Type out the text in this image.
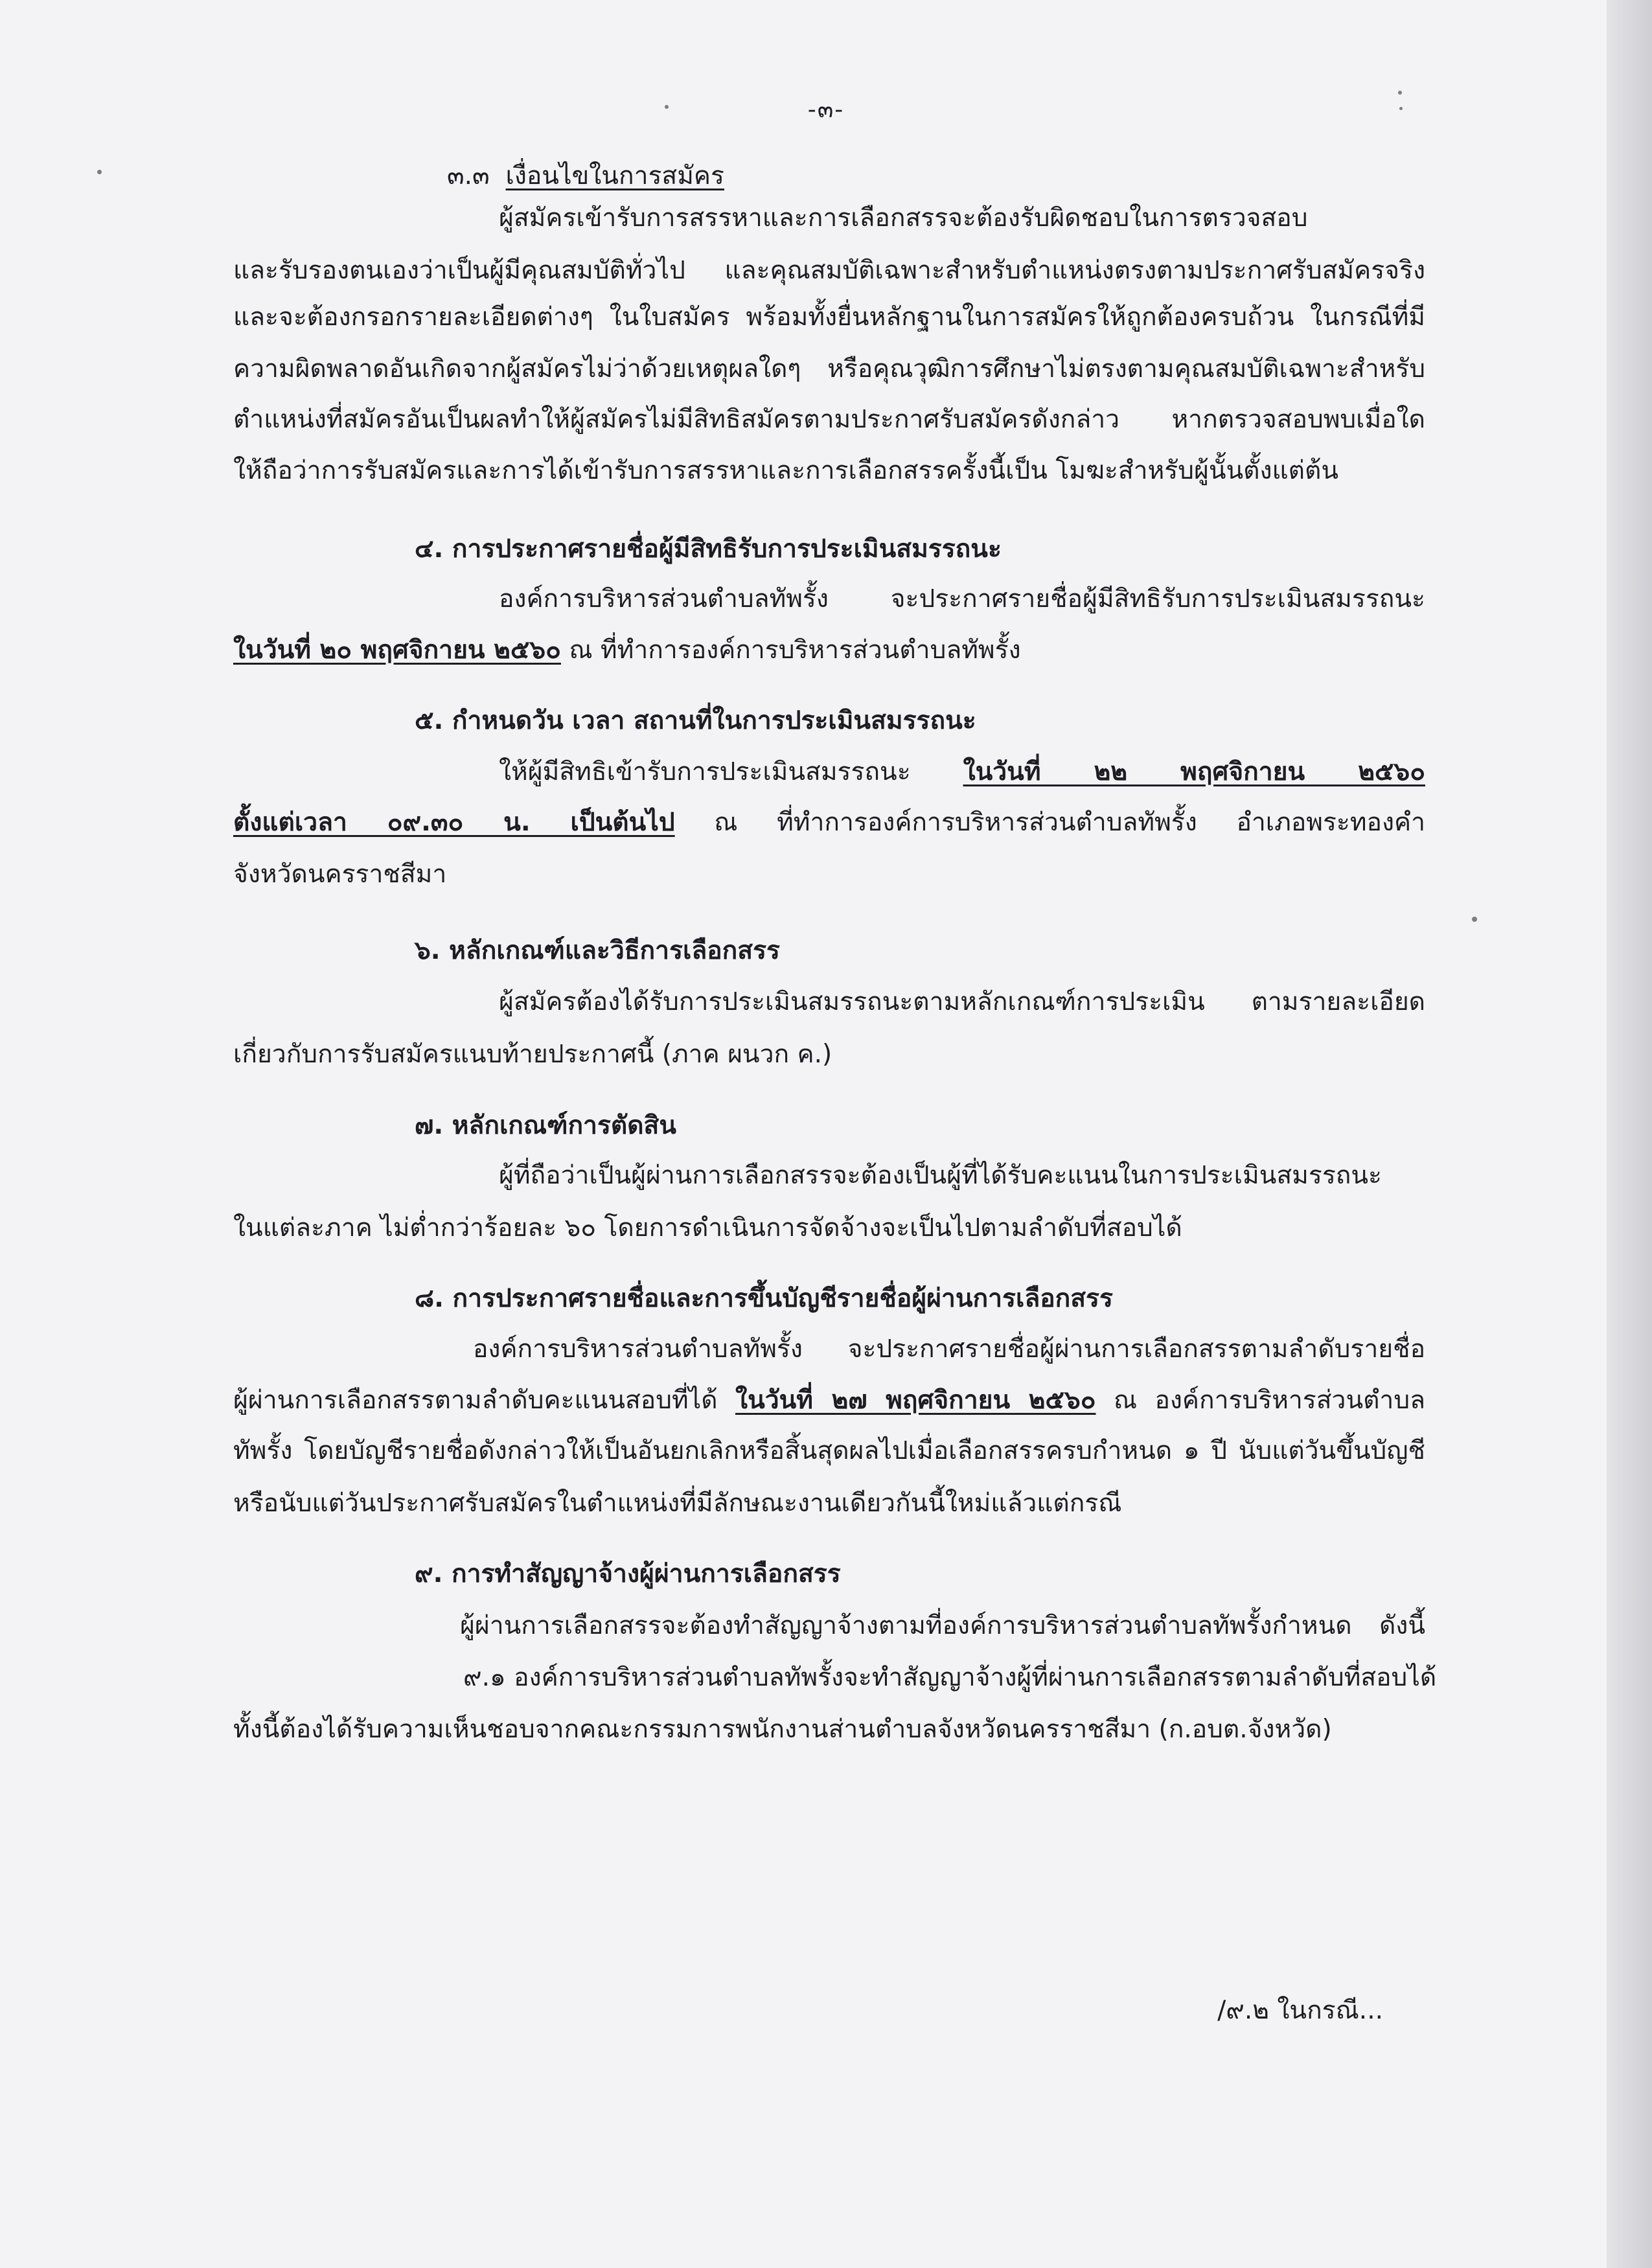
-๓-
๓.๓ เงื่อนไขในการสมัคร
ผู้สมัครเข้ารับการสรรหาและการเลือกสรรจะต้องรับผิดชอบในการตรวจสอบ
และรับรองตนเองว่าเป็นผู้มีคุณสมบัติทั่วไป และคุณสมบัติเฉพาะสำหรับตำแหน่งตรงตามประกาศรับสมัครจริง
และจะต้องกรอกรายละเอียดต่างๆ ในใบสมัคร พร้อมทั้งยื่นหลักฐานในการสมัครให้ถูกต้องครบถ้วน ในกรณีที่มี
ความผิดพลาดอันเกิดจากผู้สมัครไม่ว่าด้วยเหตุผลใดๆ หรือคุณวุฒิการศึกษาไม่ตรงตามคุณสมบัติเฉพาะสำหรับ
ตำแหน่งที่สมัครอันเป็นผลทำให้ผู้สมัครไม่มีสิทธิสมัครตามประกาศรับสมัครดังกล่าว หากตรวจสอบพบเมื่อใด
ให้ถือว่าการรับสมัครและการได้เข้ารับการสรรหาและการเลือกสรรครั้งนี้เป็น โมฆะสำหรับผู้นั้นตั้งแต่ต้น
๔. การประกาศรายชื่อผู้มีสิทธิรับการประเมินสมรรถนะ
องค์การบริหารส่วนตำบลทัพรั้ง จะประกาศรายชื่อผู้มีสิทธิรับการประเมินสมรรถนะ
ในวันที่ ๒๐ พฤศจิกายน ๒๕๖๐ ณ ที่ทำการองค์การบริหารส่วนตำบลทัพรั้ง
๕. กำหนดวัน เวลา สถานที่ในการประเมินสมรรถนะ
ให้ผู้มีสิทธิเข้ารับการประเมินสมรรถนะ ในวันที่ ๒๒ พฤศจิกายน ๒๕๖๐
ตั้งแต่เวลา ๐๙.๓๐ น. เป็นต้นไป ณ ที่ทำการองค์การบริหารส่วนตำบลทัพรั้ง อำเภอพระทองคำ
จังหวัดนครราชสีมา
๖. หลักเกณฑ์และวิธีการเลือกสรร
ผู้สมัครต้องได้รับการประเมินสมรรถนะตามหลักเกณฑ์การประเมิน ตามรายละเอียด
เกี่ยวกับการรับสมัครแนบท้ายประกาศนี้ (ภาค ผนวก ค.)
๗. หลักเกณฑ์การตัดสิน
ผู้ที่ถือว่าเป็นผู้ผ่านการเลือกสรรจะต้องเป็นผู้ที่ได้รับคะแนนในการประเมินสมรรถนะ
ในแต่ละภาค ไม่ต่ำกว่าร้อยละ ๖๐ โดยการดำเนินการจัดจ้างจะเป็นไปตามลำดับที่สอบได้
๘. การประกาศรายชื่อและการขึ้นบัญชีรายชื่อผู้ผ่านการเลือกสรร
องค์การบริหารส่วนตำบลทัพรั้ง จะประกาศรายชื่อผู้ผ่านการเลือกสรรตามลำดับรายชื่อ
ผู้ผ่านการเลือกสรรตามลำดับคะแนนสอบที่ได้ ในวันที่ ๒๗ พฤศจิกายน ๒๕๖๐ ณ องค์การบริหารส่วนตำบล
ทัพรั้ง โดยบัญชีรายชื่อดังกล่าวให้เป็นอันยกเลิกหรือสิ้นสุดผลไปเมื่อเลือกสรรครบกำหนด ๑ ปี นับแต่วันขึ้นบัญชี
หรือนับแต่วันประกาศรับสมัครในตำแหน่งที่มีลักษณะงานเดียวกันนี้ใหม่แล้วแต่กรณี
๙. การทำสัญญาจ้างผู้ผ่านการเลือกสรร
ผู้ผ่านการเลือกสรรจะต้องทำสัญญาจ้างตามที่องค์การบริหารส่วนตำบลทัพรั้งกำหนด ดังนี้
๙.๑ องค์การบริหารส่วนตำบลทัพรั้งจะทำสัญญาจ้างผู้ที่ผ่านการเลือกสรรตามลำดับที่สอบได้
ทั้งนี้ต้องได้รับความเห็นชอบจากคณะกรรมการพนักงานส่านตำบลจังหวัดนครราชสีมา (ก.อบต.จังหวัด)
/๙.๒ ในกรณี...
